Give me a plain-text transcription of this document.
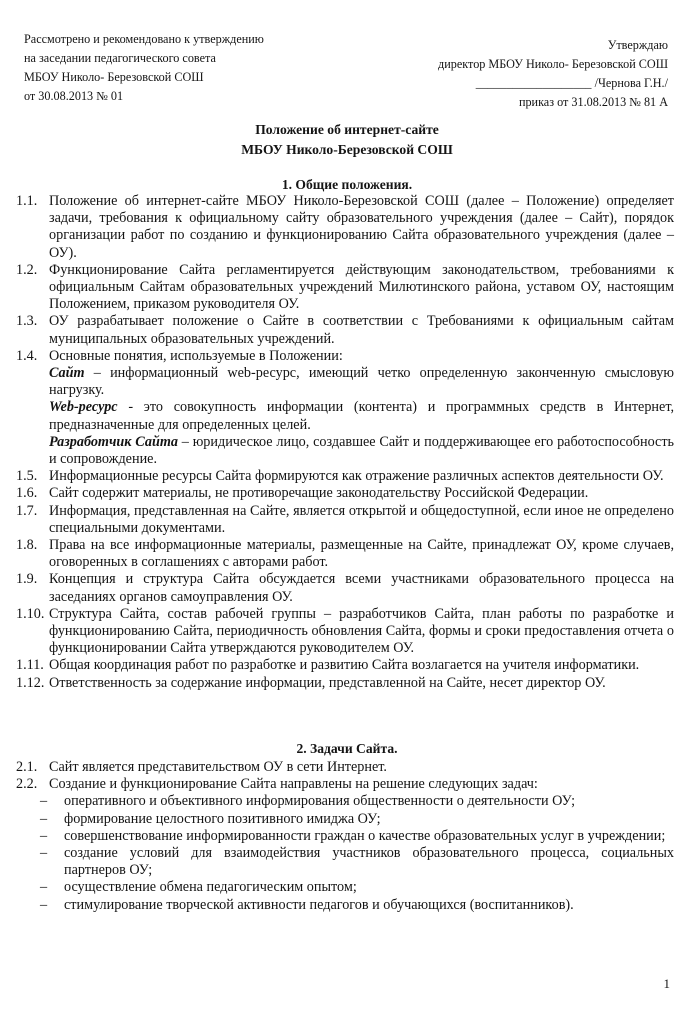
Рассмотрено и рекомендовано к утверждению
на заседании педагогического совета
МБОУ Николо- Березовской СОШ
от 30.08.2013 № 01
Утверждаю
директор МБОУ Николо- Березовской СОШ
___________________ /Чернова Г.Н./
приказ от 31.08.2013 № 81 А
Положение об интернет-сайте
МБОУ Николо-Березовской СОШ
1. Общие положения.

1.1. Положение об интернет-сайте МБОУ Николо-Березовской СОШ (далее – Положение) определяет задачи, требования к официальному сайту образовательного учреждения (далее – Сайт), порядок организации работ по созданию и функционированию Сайта образовательного учреждения (далее – ОУ).

1.2. Функционирование Сайта регламентируется действующим законодательством, требованиями к официальным Сайтам образовательных учреждений Милютинского района, уставом ОУ, настоящим Положением, приказом руководителя ОУ.

1.3. ОУ разрабатывает положение о Сайте в соответствии с Требованиями к официальным сайтам муниципальных образовательных учреждений.

1.4. Основные понятия, используемые в Положении:

Сайт – информационный web-ресурс, имеющий четко определенную законченную смысловую нагрузку.

Web-ресурс - это совокупность информации (контента) и программных средств в Интернет, предназначенные для определенных целей.

Разработчик Сайта – юридическое лицо, создавшее Сайт и поддерживающее его работоспособность и сопровождение.

1.5. Информационные ресурсы Сайта формируются как отражение различных аспектов деятельности ОУ.

1.6. Сайт содержит материалы, не противоречащие законодательству Российской Федерации.

1.7. Информация, представленная на Сайте, является открытой и общедоступной, если иное не определено специальными документами.

1.8. Права на все информационные материалы, размещенные на Сайте, принадлежат ОУ, кроме случаев, оговоренных в соглашениях с авторами работ.

1.9. Концепция и структура Сайта обсуждается всеми участниками образовательного процесса на заседаниях органов самоуправления ОУ.

1.10. Структура Сайта, состав рабочей группы – разработчиков Сайта, план работы по разработке и функционированию Сайта, периодичность обновления Сайта, формы и сроки предоставления отчета о функционировании Сайта утверждаются руководителем ОУ.

1.11. Общая координация работ по разработке и развитию Сайта возлагается на учителя информатики.

1.12. Ответственность за содержание информации, представленной на Сайте, несет директор ОУ.

2. Задачи Сайта.

2.1. Сайт является представительством ОУ в сети Интернет.

2.2. Создание и функционирование Сайта направлены на решение следующих задач:

– оперативного и объективного информирования общественности о деятельности ОУ;
– формирование целостного позитивного имиджа ОУ;
– совершенствование информированности граждан о качестве образовательных услуг в учреждении;
– создание условий для взаимодействия участников образовательного процесса, социальных партнеров ОУ;
– осуществление обмена педагогическим опытом;
– стимулирование творческой активности педагогов и обучающихся (воспитанников).
1
